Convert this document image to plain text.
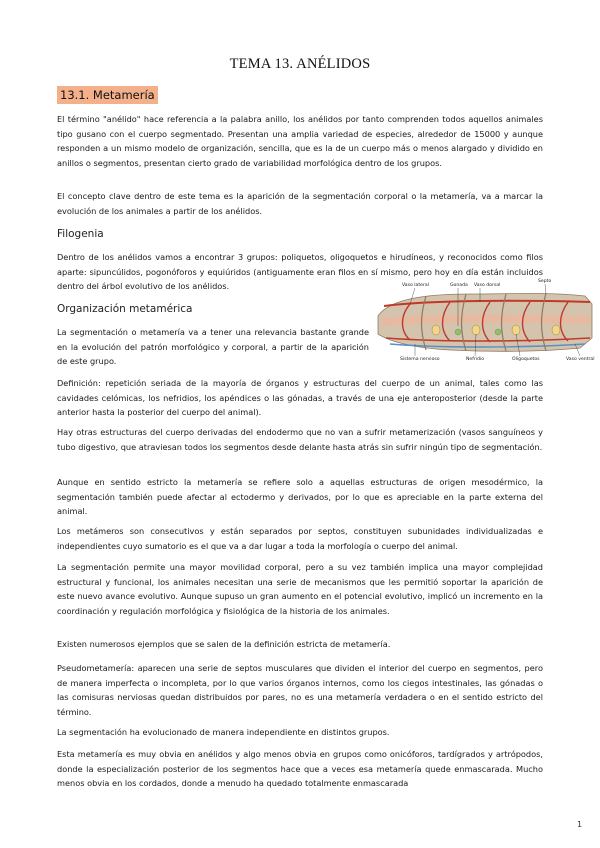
TEMA 13. ANÉLIDOS
13.1. Metamería

El término "anélido" hace referencia a la palabra anillo, los anélidos por tanto comprenden todos aquellos animales tipo gusano con el cuerpo segmentado. Presentan una amplia variedad de especies, alrededor de 15000 y aunque responden a un mismo modelo de organización, sencilla, que es la de un cuerpo más o menos alargado y dividido en anillos o segmentos, presentan cierto grado de variabilidad morfológica dentro de los grupos.

El concepto clave dentro de este tema es la aparición de la segmentación corporal o la metamería, va a marcar la evolución de los animales a partir de los anélidos.

Filogenia

Dentro de los anélidos vamos a encontrar 3 grupos: poliquetos, oligoquetos e hirudíneos, y reconocidos como filos aparte: sipuncúlidos, pogonóforos y equiúridos (antiguamente eran filos en sí mismo, pero hoy en día están incluidos dentro del árbol evolutivo de los anélidos.

Organización metamérica

La segmentación o metamería va a tener una relevancia bastante grande en la evolución del patrón morfológico y corporal, a partir de la aparición de este grupo.

Vaso lateral	Gonada Vaso dorsal
Septo
Sistema nervioso	Nefridio	Oligoquetos	Vaso ventral

Definición: repetición seriada de la mayoría de órganos y estructuras del cuerpo de un animal, tales como las cavidades celómicas, los nefridios, los apéndices o las gónadas, a través de una eje anteroposterior (desde la parte anterior hasta la posterior del cuerpo del animal).

Hay otras estructuras del cuerpo derivadas del endodermo que no van a sufrir metamerización (vasos sanguíneos y tubo digestivo, que atraviesan todos los segmentos desde delante hasta atrás sin sufrir ningún tipo de segmentación.

Aunque en sentido estricto la metamería se refiere solo a aquellas estructuras de origen mesodérmico, la segmentación también puede afectar al ectodermo y derivados, por lo que es apreciable en la parte externa del animal.

Los metámeros son consecutivos y están separados por septos, constituyen subunidades individualizadas e independientes cuyo sumatorio es el que va a dar lugar a toda la morfología o cuerpo del animal.

La segmentación permite una mayor movilidad corporal, pero a su vez también implica una mayor complejidad estructural y funcional, los animales necesitan una serie de mecanismos que les permitió soportar la aparición de este nuevo avance evolutivo. Aunque supuso un gran aumento en el potencial evolutivo, implicó un incremento en la coordinación y regulación morfológica y fisiológica de la historia de los animales.

Existen numerosos ejemplos que se salen de la definición estricta de metamería.

Pseudometamería: aparecen una serie de septos musculares que dividen el interior del cuerpo en segmentos, pero de manera imperfecta o incompleta, por lo que varios órganos internos, como los ciegos intestinales, las gónadas o las comisuras nerviosas quedan distribuidos por pares, no es una metamería verdadera o en el sentido estricto del término.

La segmentación ha evolucionado de manera independiente en distintos grupos.

Esta metamería es muy obvia en anélidos y algo menos obvia en grupos como onicóforos, tardígrados y artrópodos, donde la especialización posterior de los segmentos hace que a veces esa metamería quede enmascarada. Mucho menos obvia en los cordados, donde a menudo ha quedado totalmente enmascarada

1
